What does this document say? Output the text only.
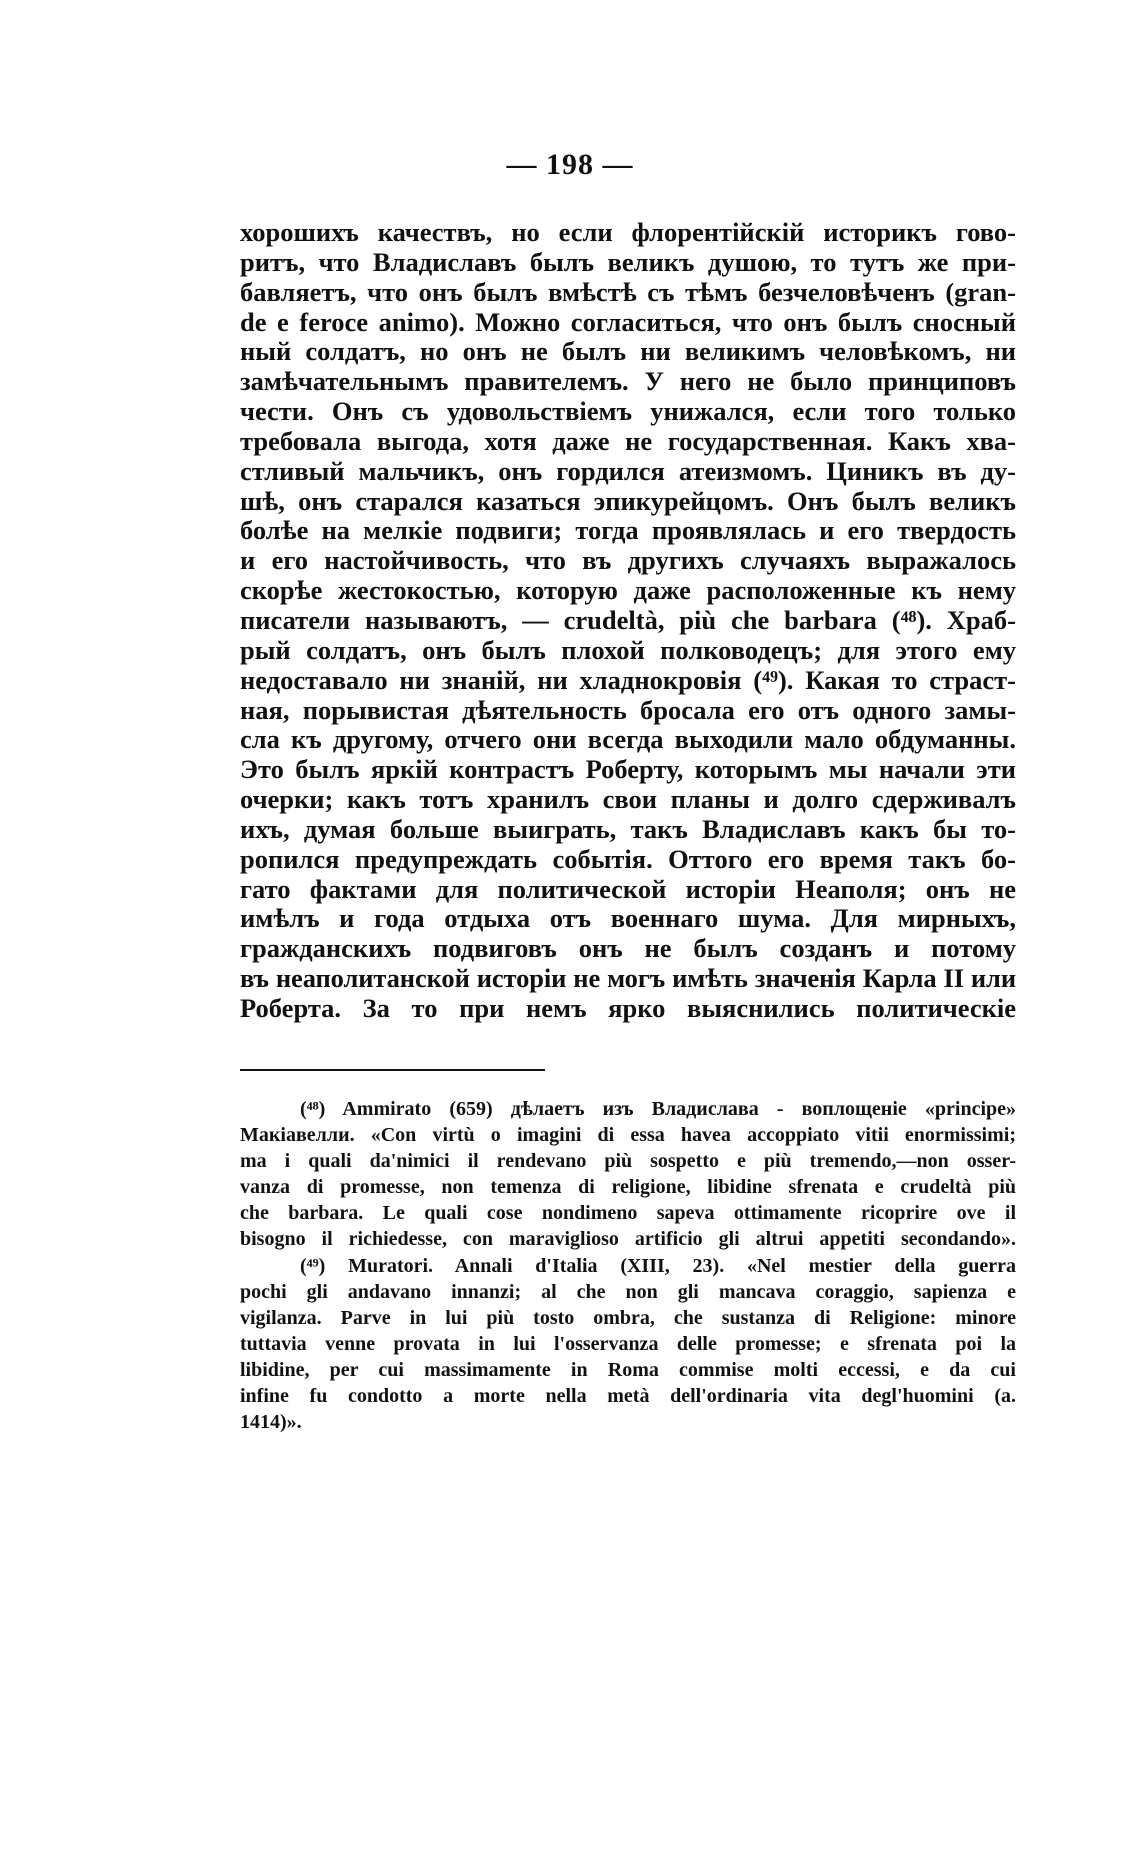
— 198 —
хорошихъ качествъ, но если флорентійскій историкъ гово-
ритъ, что Владиславъ былъ великъ душою, то тутъ же при-
бавляетъ, что онъ былъ вмѣстѣ съ тѣмъ безчеловѣченъ (gran-
de e feroce animo). Можно согласиться, что онъ былъ сносный
ный солдатъ, но онъ не былъ ни великимъ человѣкомъ, ни
замѣчательнымъ правителемъ. У него не было принциповъ
чести. Онъ съ удовольствіемъ унижался, если того только
требовала выгода, хотя даже не государственная. Какъ хва-
стливый мальчикъ, онъ гордился атеизмомъ. Циникъ въ ду-
шѣ, онъ старался казаться эпикурейцомъ. Онъ былъ великъ
болѣе на мелкіе подвиги; тогда проявлялась и его твердость
и его настойчивость, что въ другихъ случаяхъ выражалось
скорѣе жестокостью, которую даже расположенные къ нему
писатели называютъ, — crudeltà, più che barbara (⁴⁸). Храб-
рый солдатъ, онъ былъ плохой полководецъ; для этого ему
недоставало ни знаній, ни хладнокровія (⁴⁹). Какая то страст-
ная, порывистая дѣятельность бросала его отъ одного замы-
сла къ другому, отчего они всегда выходили мало обдуманны.
Это былъ яркій контрастъ Роберту, которымъ мы начали эти
очерки; какъ тотъ хранилъ свои планы и долго сдерживалъ
ихъ, думая больше выиграть, такъ Владиславъ какъ бы то-
ропился предупреждать событія. Оттого его время такъ бо-
гато фактами для политической исторіи Неаполя; онъ не
имѣлъ и года отдыха отъ военнаго шума. Для мирныхъ,
гражданскихъ подвиговъ онъ не былъ созданъ и потому
въ неаполитанской исторіи не могъ имѣть значенія Карла II или
Роберта. За то при немъ ярко выяснились политическіе
(⁴⁸) Ammirato (659) дѣлаетъ изъ Владислава - воплощеніе «principe»
Макіавелли. «Con virtù o imagini di essa havea accoppiato vitii enormissimi;
ma i quali da'nimici il rendevano più sospetto e più tremendo,—non osser-
vanza di promesse, non temenza di religione, libidine sfrenata e crudeltà più
che barbara. Le quali cose nondimeno sapeva ottimamente ricoprire ove il
bisogno il richiedesse, con maraviglioso artificio gli altrui appetiti secondando».
(⁴⁹) Muratori. Annali d'Italia (XIII, 23). «Nel mestier della guerra
pochi gli andavano innanzi; al che non gli mancava coraggio, sapienza e
vigilanza. Parve in lui più tosto ombra, che sustanza di Religione: minore
tuttavia venne provata in lui l'osservanza delle promesse; e sfrenata poi la
libidine, per cui massimamente in Roma commise molti eccessi, e da cui
infine fu condotto a morte nella metà dell'ordinaria vita degl'huomini (a.
1414)».
